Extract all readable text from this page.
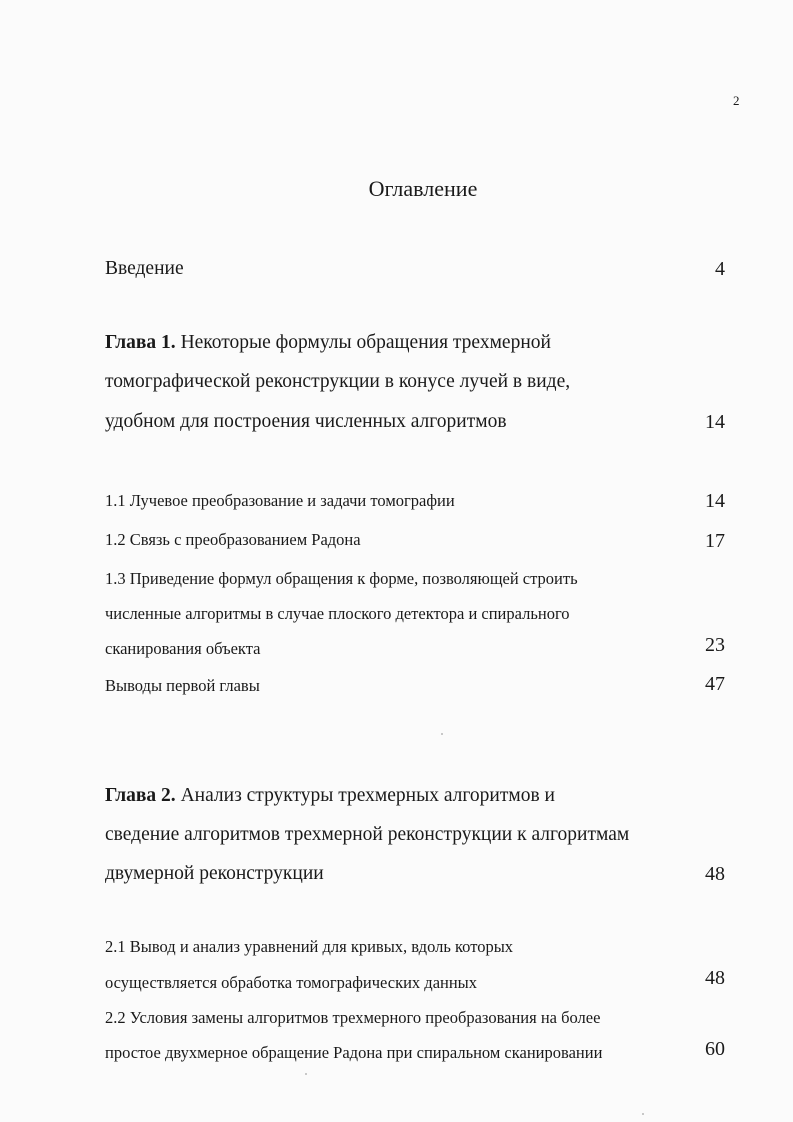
2
Оглавление
Введение	4
Глава 1. Некоторые формулы обращения трехмерной
томографической реконструкции в конусе лучей в виде,
удобном для построения численных алгоритмов	14
1.1 Лучевое преобразование и задачи томографии	14
1.2 Связь с преобразованием Радона	17
1.3 Приведение формул обращения к форме, позволяющей строить
численные алгоритмы в случае плоского детектора и спирального
сканирования объекта	23
Выводы первой главы	47
Глава 2. Анализ структуры трехмерных алгоритмов и
сведение алгоритмов трехмерной реконструкции к алгоритмам
двумерной реконструкции	48
2.1 Вывод и анализ уравнений для кривых, вдоль которых
осуществляется обработка томографических данных	48
2.2 Условия замены алгоритмов трехмерного преобразования на более
простое двухмерное обращение Радона при спиральном сканировании	60
